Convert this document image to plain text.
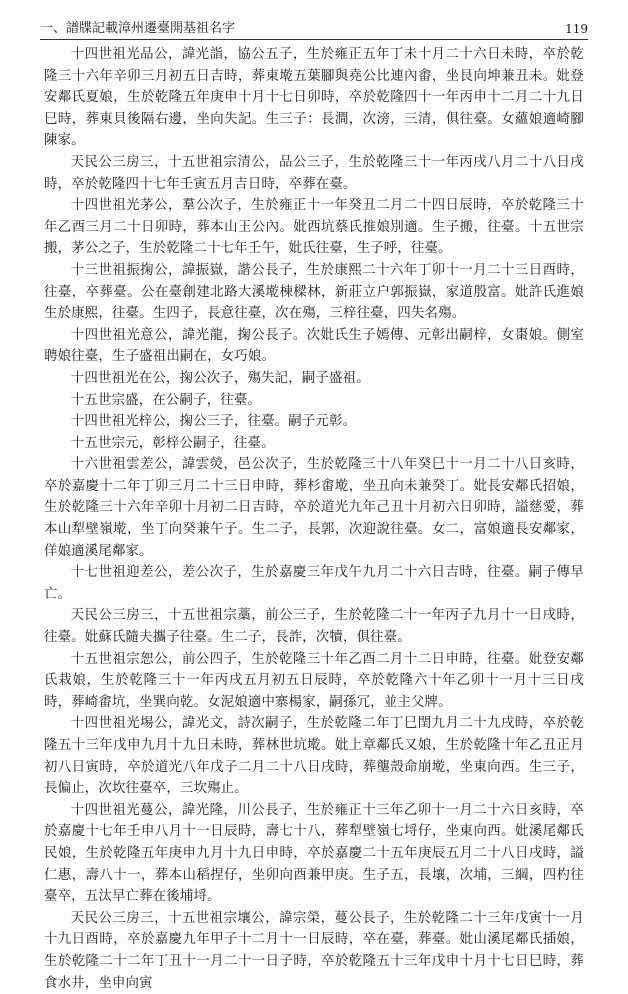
一、譜牒記載漳州遷臺開基祖名字	119

十四世祖光品公，諱光詣，協公五子，生於雍正五年丁未十月二十六日未時，卒於乾隆三十六年辛卯三月初五日吉時，葬東墘五葉腳與堯公比連內畬，坐艮向坤兼丑未。妣登安鄰氏夏娘，生於乾隆五年庚申十月十七日卯時，卒於乾隆四十一年丙申十二月二十九日巳時，葬東貝後隔右邊，坐向失記。生三子：長澗，次滂，三清，俱往臺。女蘊娘適崎腳陳家。

天民公三房三，十五世祖宗清公，品公三子，生於乾隆三十一年丙戌八月二十八日戌時，卒於乾隆四十七年壬寅五月吉日時，卒葬在臺。

十四世祖光茅公，羣公次子，生於雍正十一年癸丑二月二十四日辰時，卒於乾隆三十年乙酉三月二十日卯時，葬本山王公內。妣西坑蔡氏推娘別適。生子搬，往臺。十五世宗搬，茅公之子，生於乾隆二十七年壬午，妣氏往臺，生子呼，往臺。

十三世祖振掬公，諱振嶽，諧公長子，生於康熙二十六年丁卯十一月二十三日酉時，往臺，卒葬臺。公在臺創建北路大溪墘棟樑林，新莊立户郭振嶽，家道殷富。妣許氏進娘生於康熙，往臺。生四子，長意往臺，次在殤，三梓往臺，四失名殤。

十四世祖光意公，諱光龍，掬公長子。次妣氏生子嫣傳、元彰出嗣梓，女棗娘。側室聘娘往臺，生子盛祖出嗣在，女巧娘。

十四世祖光在公，掬公次子，殤失記，嗣子盛祖。

十五世宗盛，在公嗣子，往臺。

十四世祖光梓公，掬公三子，往臺。嗣子元彰。

十五世宗元，彰梓公嗣子，往臺。

十六世祖雲差公，諱雲熒，邑公次子，生於乾隆三十八年癸巳十一月二十八日亥時，卒於嘉慶十二年丁卯三月二十三日申時，葬杉畬墘，坐丑向未兼癸丁。妣長安鄰氏招娘，生於乾隆三十六年辛卯十月初二日吉時，卒於道光九年己丑十月初六日卯時，謚慈愛，葬本山犁壁嶺墘，坐丁向癸兼午子。生二子，長郭，次迎說往臺。女二，富娘適長安鄰家，佯娘適溪尾鄰家。

十七世祖迎差公，差公次子，生於嘉慶三年戊午九月二十六日吉時，往臺。嗣子傳早亡。

天民公三房三，十五世祖宗藁，前公三子，生於乾隆二十一年丙子九月十一日戌時，往臺。妣蘇氏隨夫攜子往臺。生二子，長詐，次犢，俱往臺。

十五世祖宗恕公，前公四子，生於乾隆三十年乙酉二月十二日申時，往臺。妣登安鄰氏栽娘，生於乾隆三十一年丙戌五月初五日辰時，卒於乾隆六十年乙卯十一月十三日戌時，葬崎畬坑，坐巽向乾。女泥娘適中寨楊家，嗣孫冗，並主父牌。

十四世祖光埸公，諱光文，詩次嗣子，生於乾隆二年丁巳閏九月二十九戌時，卒於乾隆五十三年戊申九月十九日未時，葬林世坑墘。妣上章鄰氏又娘，生於乾隆十年乙丑正月初八日寅時，卒於道光八年戊子二月二十八日戌時，葬壟殼命崩墘，坐東向西。生三子，長偏止，次坎往臺卒，三坎殤止。

十四世祖光蔓公，諱光隆，川公長子，生於雍正十三年乙卯十一月二十六日亥時，卒於嘉慶十七年壬申八月十一日辰時，壽七十八，葬犁壁嶺七埒仔，坐東向西。妣溪尾鄰氏民娘，生於乾隆五年庚申九月十九日申時，卒於嘉慶二十五年庚辰五月二十八日戌時，謚仁惠，壽八十一，葬本山稻捏仔，坐卯向酉兼甲庚。生子五，長壤，次埔，三綱，四杓往臺卒，五汰早亡葬在後埔埒。

天民公三房三，十五世祖宗壤公，諱宗榮，蔓公長子，生於乾隆二十三年戊寅十一月十九日酉時，卒於嘉慶九年甲子十二月十一日辰時，卒在臺，葬臺。妣山溪尾鄰氏插娘，生於乾隆二十二年丁丑十一月二十一日子時，卒於乾隆五十三年戊申十月十七日巳時，葬食水井，坐申向寅
